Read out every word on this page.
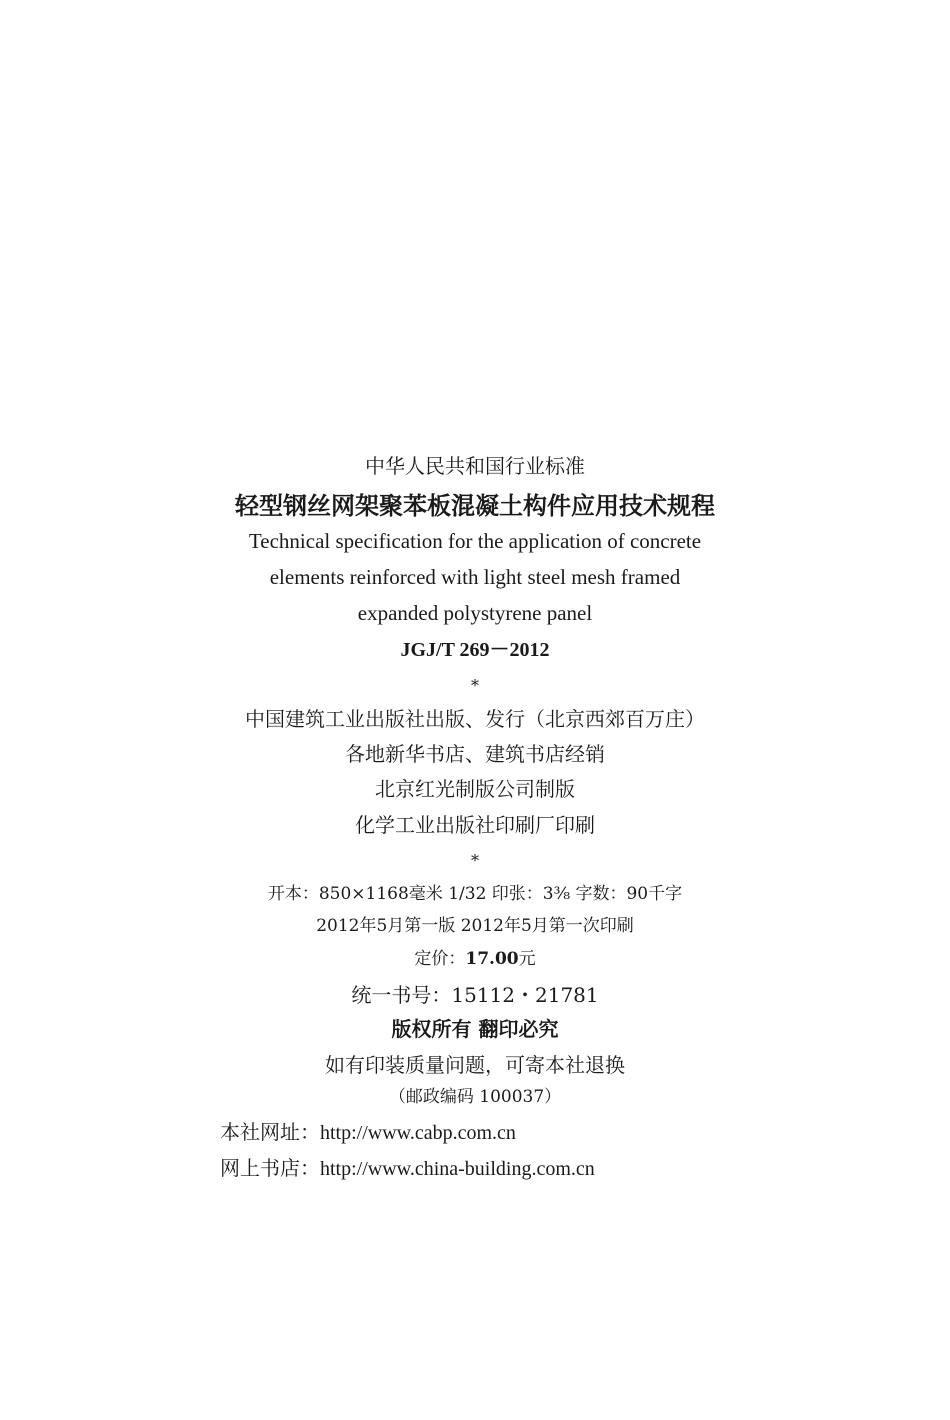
中华人民共和国行业标准
轻型钢丝网架聚苯板混凝土构件应用技术规程
Technical specification for the application of concrete
elements reinforced with light steel mesh framed
expanded polystyrene panel
JGJ/T 269－2012
*
中国建筑工业出版社出版、发行（北京西郊百万庄）
各地新华书店、建筑书店经销
北京红光制版公司制版
化学工业出版社印刷厂印刷
*
开本：850×1168毫米 1/32 印张：3⅜ 字数：90千字
2012年5月第一版 2012年5月第一次印刷
定价：17.00元
统一书号：15112・21781
版权所有 翻印必究
如有印装质量问题，可寄本社退换
（邮政编码 100037）
本社网址：http://www.cabp.com.cn
网上书店：http://www.china-building.com.cn
